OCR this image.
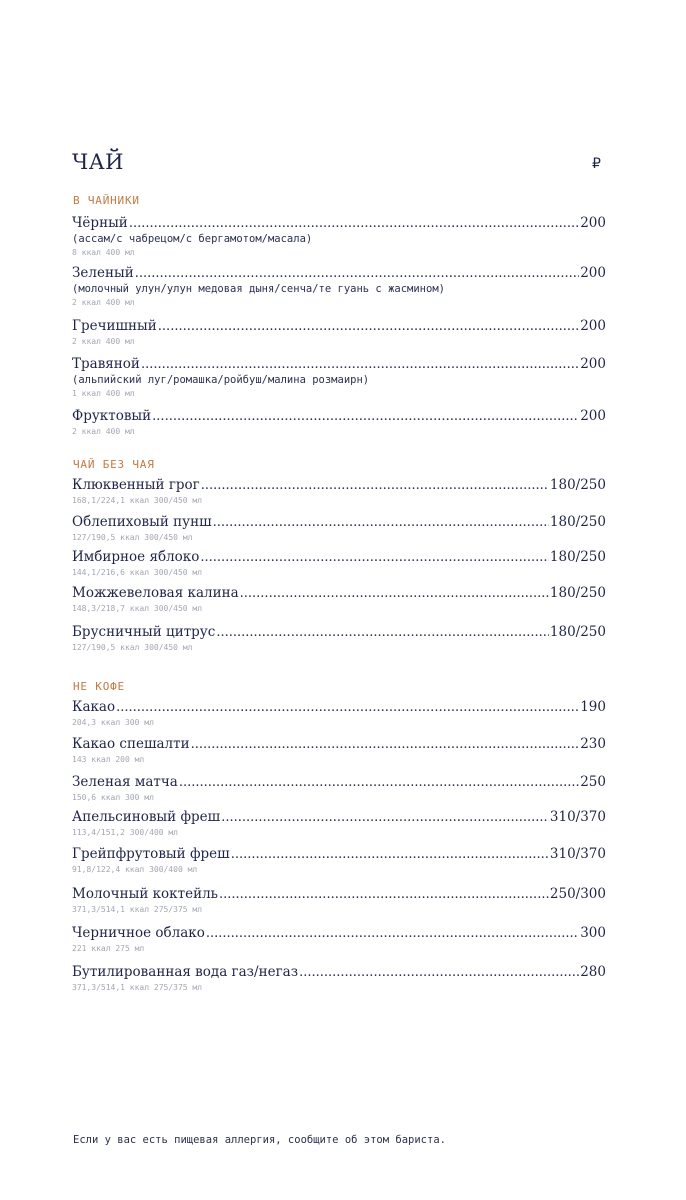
ЧАЙ	₽
В ЧАЙНИКИ
Чёрный .....	200
(ассам/с чабрецом/с бергамотом/масала)
8 ккал 400 мл
Зеленый .....	200
(молочный улун/улун медовая дыня/сенча/те гуань с жасмином)
2 ккал 400 мл
Гречишный .....	200
2 ккал 400 мл
Травяной .....	200
(альпийский луг/ромашка/ройбуш/малина розмаирн)
1 ккал 400 мл
Фруктовый .....	200
2 ккал 400 мл
ЧАЙ БЕЗ ЧАЯ
Клюквенный грог .....	180/250
168,1/224,1 ккал 300/450 мл
Облепиховый пунш .....	180/250
127/190,5 ккал 300/450 мл
Имбирное яблоко .....	180/250
144,1/216,6 ккал 300/450 мл
Можжевеловая калина .....	180/250
148,3/218,7 ккал 300/450 мл
Брусничный цитрус .....	180/250
127/190,5 ккал 300/450 мл
НЕ КОФЕ
Какао .....	190
204,3 ккал 300 мл
Какао спешалти .....	230
143 ккал 200 мл
Зеленая матча .....	250
150,6 ккал 300 мл
Апельсиновый фреш .....	310/370
113,4/151,2 300/400 мл
Грейпфрутовый фреш .....	310/370
91,8/122,4 ккал 300/400 мл
Молочный коктейль .....	250/300
371,3/514,1 ккал 275/375 мл
Черничное облако .....	300
221 ккал 275 мл
Бутилированная вода газ/негаз .....	280
371,3/514,1 ккал 275/375 мл
Если у вас есть пищевая аллергия, сообщите об этом бариста.
